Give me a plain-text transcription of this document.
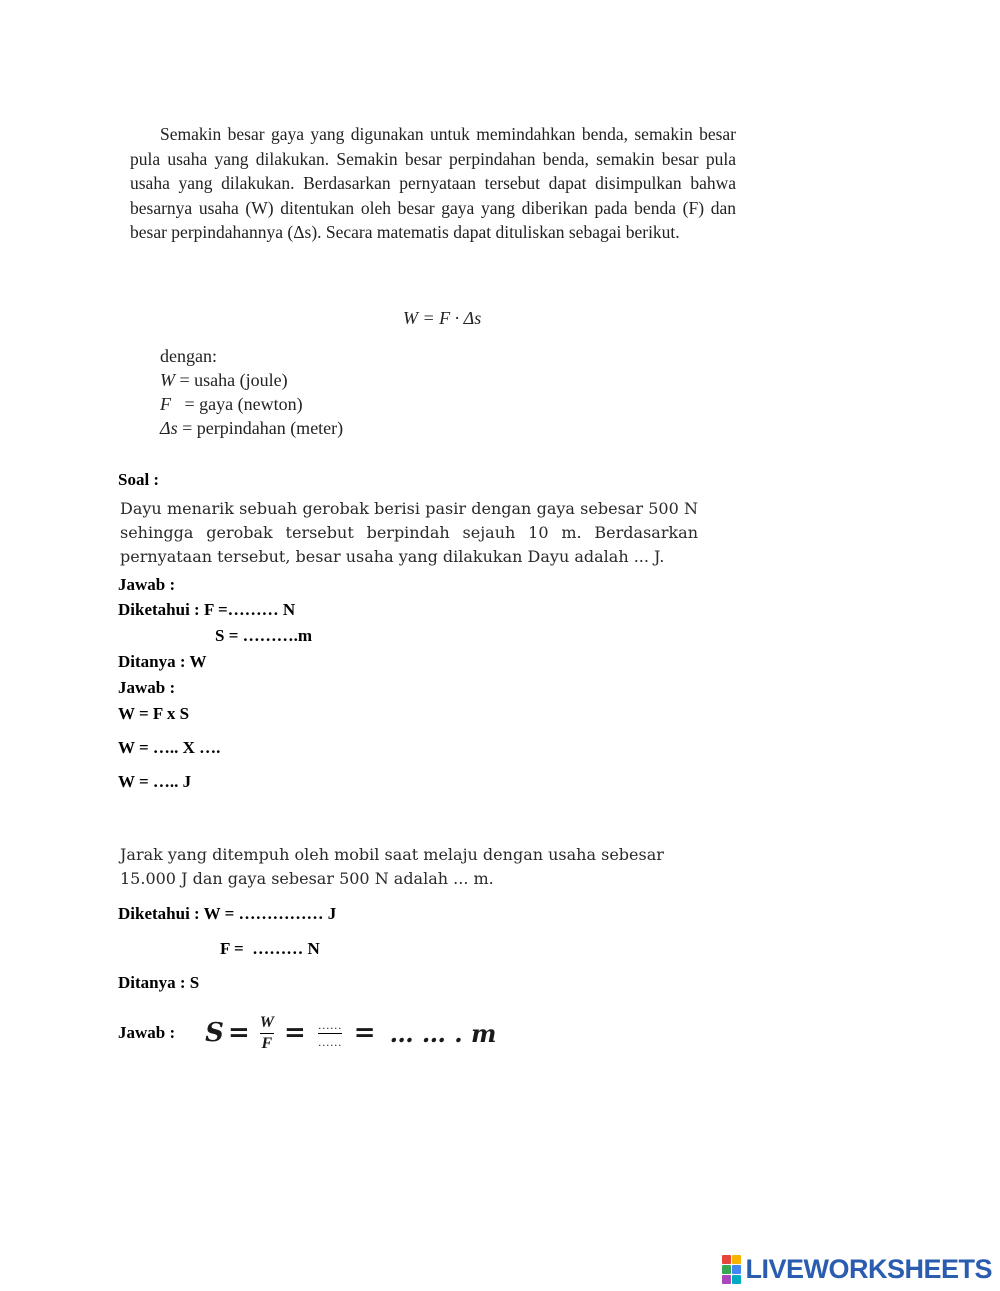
Semakin besar gaya yang digunakan untuk memindahkan benda, semakin besar pula usaha yang dilakukan. Semakin besar perpindahan benda, semakin besar pula usaha yang dilakukan. Berdasarkan pernyataan tersebut dapat disimpulkan bahwa besarnya usaha (W) ditentukan oleh besar gaya yang diberikan pada benda (F) dan besar perpindahannya (Δs). Secara matematis dapat dituliskan sebagai berikut.
W = F · Δs
dengan:
W = usaha (joule)
F   = gaya (newton)
Δs = perpindahan (meter)
Soal :
Dayu menarik sebuah gerobak berisi pasir dengan gaya sebesar 500 N
sehingga gerobak tersebut berpindah sejauh 10 m. Berdasarkan
pernyataan tersebut, besar usaha yang dilakukan Dayu adalah ... J.
Jawab :
Diketahui : F =……… N
S = ……….m
Ditanya : W
Jawab :
W = F x S
W = ….. X ….
W = ….. J
Jarak yang ditempuh oleh mobil saat melaju dengan usaha sebesar
15.000 J dan gaya sebesar 500 N adalah ... m.
Diketahui : W = …………… J
F =  ……… N
Ditanya : S
Jawab : $S = \frac{W}{F} = \frac{\dots\dots}{\dots\dots}$ = … … . m
LIVEWORKSHEETS
